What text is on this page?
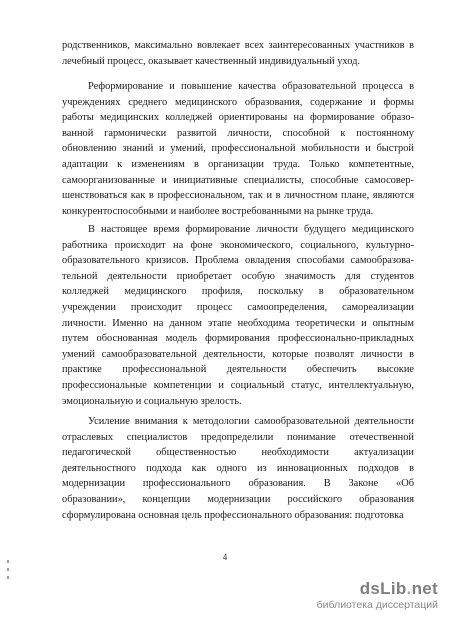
родственников, максимально вовлекает всех заинтересованных участников в
лечебный процесс, оказывает качественный индивидуальный уход.

Реформирование и повышение качества образовательной процесса в
учреждениях среднего медицинского образования, содержание и формы
работы медицинских колледжей ориентированы на формирование образо-
ванной гармонически развитой личности, способной к постоянному
обновлению знаний и умений, профессиональной мобильности и быстрой
адаптации к изменениям в организации труда. Только компетентные,
самоорганизованные и инициативные специалисты, способные самосовер-
шенствоваться как в профессиональном, так и в личностном плане, являются
конкурентоспособными и наиболее востребованными на рынке труда.

В настоящее время формирование личности будущего медицинского
работника происходит на фоне экономического, социального, культурно-
образовательного кризисов. Проблема овладения способами самообразова-
тельной деятельности приобретает особую значимость для студентов
колледжей медицинского профиля, поскольку в образовательном
учреждении происходит процесс самоопределения, самореализации
личности. Именно на данном этапе необходима теоретически и опытным
путем обоснованная модель формирования профессионально-прикладных
умений самообразовательной деятельности, которые позволят личности в
практике профессиональной деятельности обеспечить высокие
профессиональные компетенции и социальный статус, интеллектуальную,
эмоциональную и социальную зрелость.

Усиление внимания к методологии самообразовательной деятельности
отраслевых специалистов предопределили понимание отечественной
педагогической общественностью необходимости актуализации
деятельностного подхода как одного из инновационных подходов в
модернизации профессионального образования. В Законе «Об
образовании», концепции модернизации российского образования
сформулирована основная цель профессионального образования: подготовка

4
dsLib.net
библиотека диссертаций
